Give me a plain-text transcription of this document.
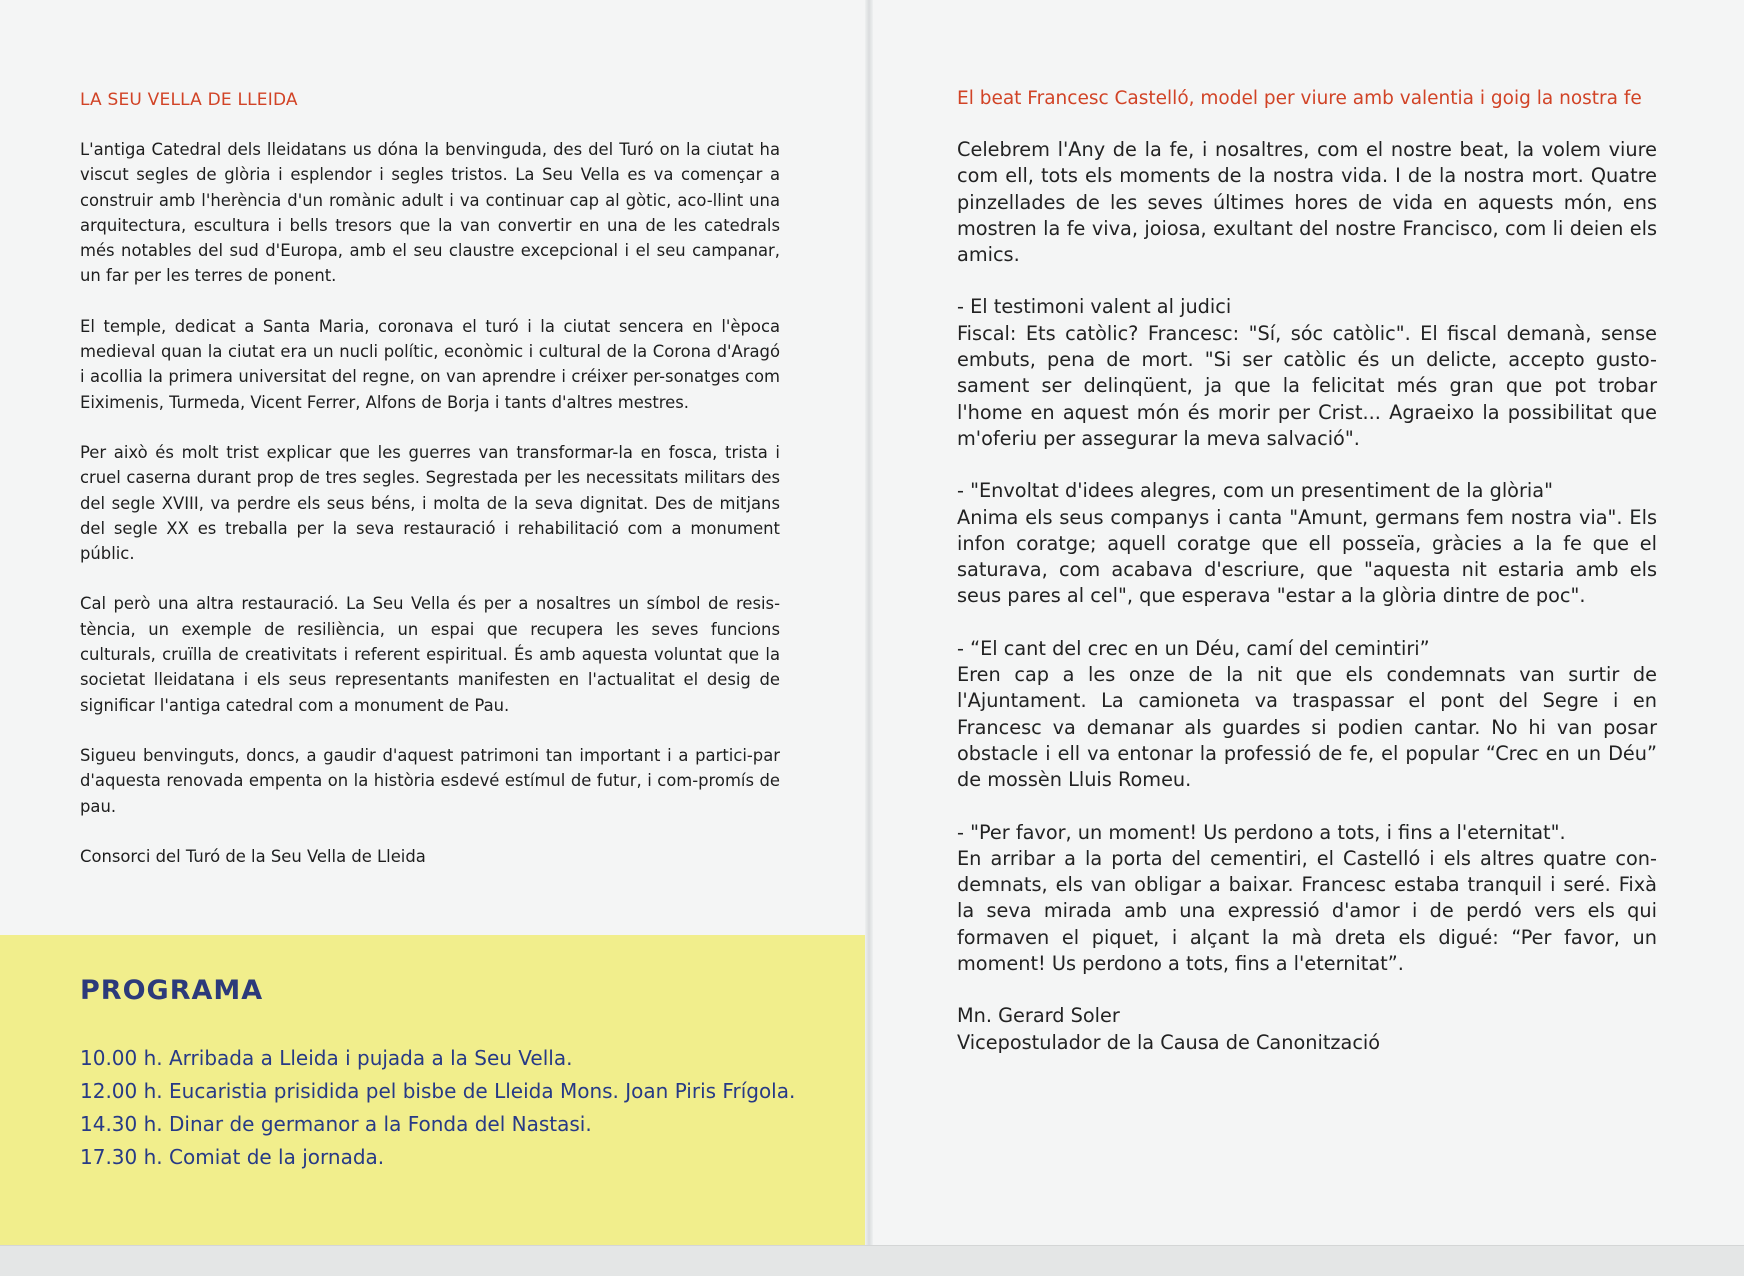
LA SEU VELLA DE LLEIDA

L'antiga Catedral dels lleidatans us dóna la benvinguda, des del Turó on la ciutat ha viscut segles de glòria i esplendor i segles tristos. La Seu Vella es va començar a construir amb l'herència d'un romànic adult i va continuar cap al gòtic, aco-llint una arquitectura, escultura i bells tresors que la van convertir en una de les catedrals més notables del sud d'Europa, amb el seu claustre excepcional i el seu campanar, un far per les terres de ponent.

El temple, dedicat a Santa Maria, coronava el turó i la ciutat sencera en l'època medieval quan la ciutat era un nucli polític, econòmic i cultural de la Corona d'Aragó i acollia la primera universitat del regne, on van aprendre i créixer per-sonatges com Eiximenis, Turmeda, Vicent Ferrer, Alfons de Borja i tants d'altres mestres.

Per això és molt trist explicar que les guerres van transformar-la en fosca, trista i cruel caserna durant prop de tres segles. Segrestada per les necessitats militars des del segle XVIII, va perdre els seus béns, i molta de la seva dignitat. Des de mitjans del segle XX es treballa per la seva restauració i rehabilitació com a monument públic.

Cal però una altra restauració. La Seu Vella és per a nosaltres un símbol de resis-tència, un exemple de resiliència, un espai que recupera les seves funcions culturals, cruïlla de creativitats i referent espiritual. És amb aquesta voluntat que la societat lleidatana i els seus representants manifesten en l'actualitat el desig de significar l'antiga catedral com a monument de Pau.

Sigueu benvinguts, doncs, a gaudir d'aquest patrimoni tan important i a partici-par d'aquesta renovada empenta on la història esdevé estímul de futur, i com-promís de pau.

Consorci del Turó de la Seu Vella de Lleida

PROGRAMA
10.00 h. Arribada a Lleida i pujada a la Seu Vella.
12.00 h. Eucaristia prisidida pel bisbe de Lleida Mons. Joan Piris Frígola.
14.30 h. Dinar de germanor a la Fonda del Nastasi.
17.30 h. Comiat de la jornada.
El beat Francesc Castelló, model per viure amb valentia i goig la nostra fe

Celebrem l'Any de la fe, i nosaltres, com el nostre beat, la volem viure com ell, tots els moments de la nostra vida. I de la nostra mort. Quatre pinzellades de les seves últimes hores de vida en aquests món, ens mostren la fe viva, joiosa, exultant del nostre Francisco, com li deien els amics.

- El testimoni valent al judici
Fiscal: Ets catòlic? Francesc: "Sí, sóc catòlic". El fiscal demanà, sense embuts, pena de mort. "Si ser catòlic és un delicte, accepto gusto-sament ser delinqüent, ja que la felicitat més gran que pot trobar l'home en aquest món és morir per Crist... Agraeixo la possibilitat que m'oferiu per assegurar la meva salvació".

- "Envoltat d'idees alegres, com un presentiment de la glòria"
Anima els seus companys i canta "Amunt, germans fem nostra via". Els infon coratge; aquell coratge que ell posseïa, gràcies a la fe que el saturava, com acabava d'escriure, que "aquesta nit estaria amb els seus pares al cel", que esperava "estar a la glòria dintre de poc".

- “El cant del crec en un Déu, camí del cemintiri”
Eren cap a les onze de la nit que els condemnats van surtir de l'Ajuntament. La camioneta va traspassar el pont del Segre i en Francesc va demanar als guardes si podien cantar. No hi van posar obstacle i ell va entonar la professió de fe, el popular “Crec en un Déu” de mossèn Lluis Romeu.

- "Per favor, un moment! Us perdono a tots, i fins a l'eternitat".
En arribar a la porta del cementiri, el Castelló i els altres quatre con-demnats, els van obligar a baixar. Francesc estaba tranquil i seré. Fixà la seva mirada amb una expressió d'amor i de perdó vers els qui formaven el piquet, i alçant la mà dreta els digué: “Per favor, un moment! Us perdono a tots, fins a l'eternitat”.

Mn. Gerard Soler
Vicepostulador de la Causa de Canonització
